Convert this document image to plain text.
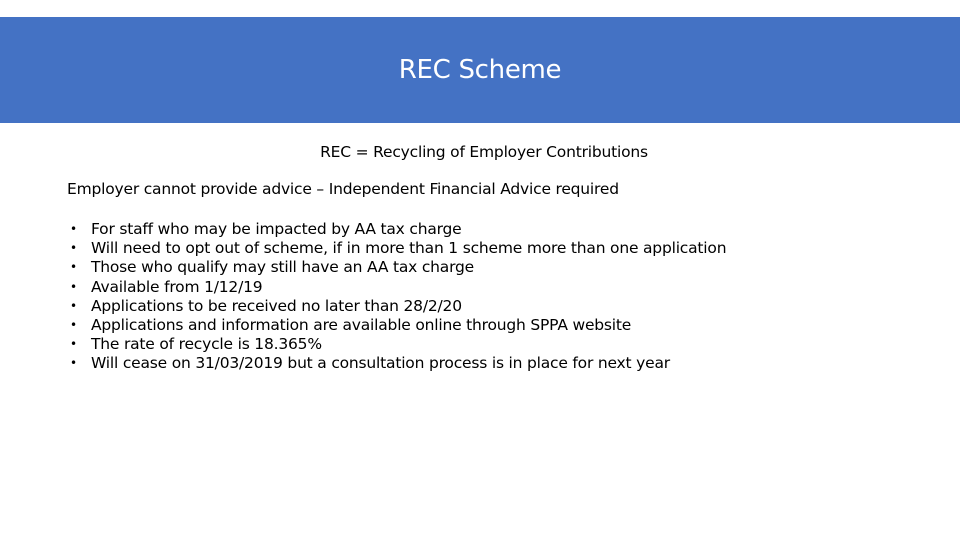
REC Scheme
REC = Recycling of Employer Contributions
Employer cannot provide advice – Independent Financial Advice required
• For staff who may be impacted by AA tax charge
• Will need to opt out of scheme, if in more than 1 scheme more than one application
• Those who qualify may still have an AA tax charge
• Available from 1/12/19
• Applications to be received no later than 28/2/20
• Applications and information are available online through SPPA website
• The rate of recycle is 18.365%
• Will cease on 31/03/2019 but a consultation process is in place for next year
